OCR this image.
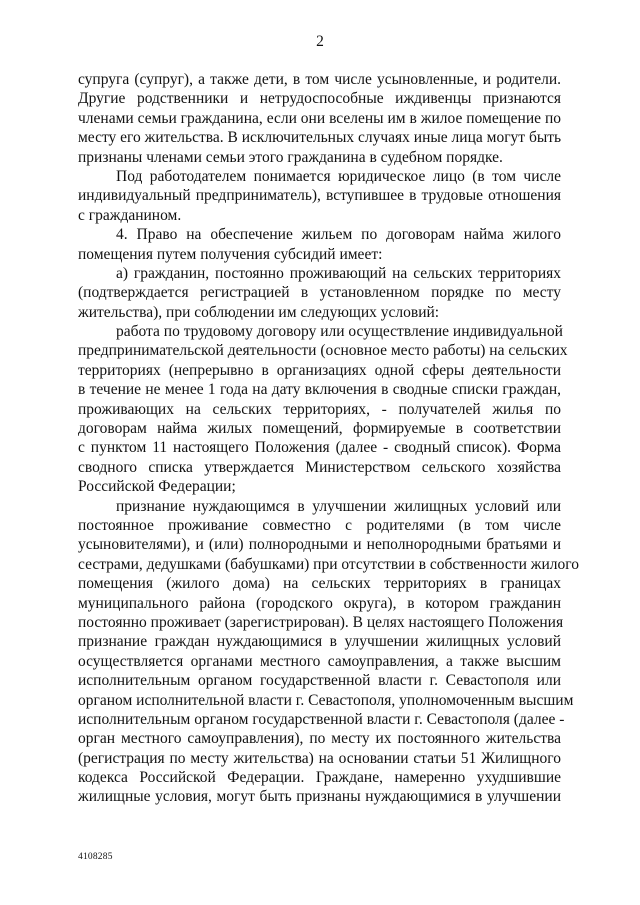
2
супруга (супруг), а также дети, в том числе усыновленные, и родители.
Другие родственники и нетрудоспособные иждивенцы признаются
членами семьи гражданина, если они вселены им в жилое помещение по
месту его жительства. В исключительных случаях иные лица могут быть
признаны членами семьи этого гражданина в судебном порядке.
Под работодателем понимается юридическое лицо (в том числе
индивидуальный предприниматель), вступившее в трудовые отношения
с гражданином.
4. Право на обеспечение жильем по договорам найма жилого
помещения путем получения субсидий имеет:
а) гражданин, постоянно проживающий на сельских территориях
(подтверждается регистрацией в установленном порядке по месту
жительства), при соблюдении им следующих условий:
работа по трудовому договору или осуществление индивидуальной
предпринимательской деятельности (основное место работы) на сельских
территориях (непрерывно в организациях одной сферы деятельности
в течение не менее 1 года на дату включения в сводные списки граждан,
проживающих на сельских территориях, - получателей жилья по
договорам найма жилых помещений, формируемые в соответствии
с пунктом 11 настоящего Положения (далее - сводный список). Форма
сводного списка утверждается Министерством сельского хозяйства
Российской Федерации;
признание нуждающимся в улучшении жилищных условий или
постоянное проживание совместно с родителями (в том числе
усыновителями), и (или) полнородными и неполнородными братьями и
сестрами, дедушками (бабушками) при отсутствии в собственности жилого
помещения (жилого дома) на сельских территориях в границах
муниципального района (городского округа), в котором гражданин
постоянно проживает (зарегистрирован). В целях настоящего Положения
признание граждан нуждающимися в улучшении жилищных условий
осуществляется органами местного самоуправления, а также высшим
исполнительным органом государственной власти г. Севастополя или
органом исполнительной власти г. Севастополя, уполномоченным высшим
исполнительным органом государственной власти г. Севастополя (далее -
орган местного самоуправления), по месту их постоянного жительства
(регистрация по месту жительства) на основании статьи 51 Жилищного
кодекса Российской Федерации. Граждане, намеренно ухудшившие
жилищные условия, могут быть признаны нуждающимися в улучшении
4108285
